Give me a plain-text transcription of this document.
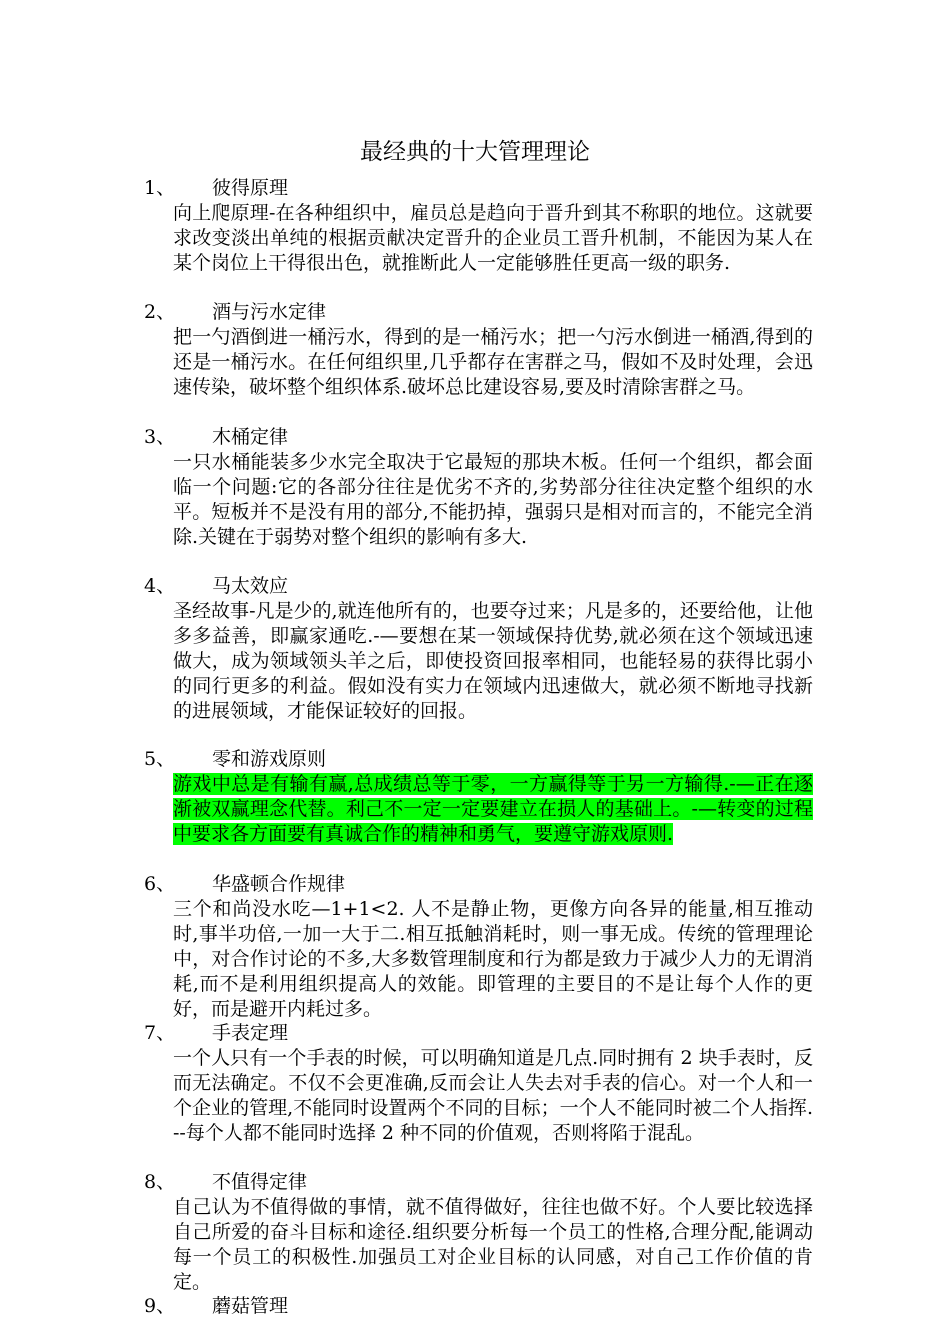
最经典的十大管理理论
1、 彼得原理

向上爬原理-在各种组织中，雇员总是趋向于晋升到其不称职的地位。这就要求改变淡出单纯的根据贡献决定晋升的企业员工晋升机制，不能因为某人在某个岗位上干得很出色，就推断此人一定能够胜任更高一级的职务.

2、 酒与污水定律

把一勺酒倒进一桶污水，得到的是一桶污水；把一勺污水倒进一桶酒,得到的还是一桶污水。在任何组织里,几乎都存在害群之马，假如不及时处理，会迅速传染，破坏整个组织体系.破坏总比建设容易,要及时清除害群之马。

3、 木桶定律

一只水桶能装多少水完全取决于它最短的那块木板。任何一个组织，都会面临一个问题:它的各部分往往是优劣不齐的,劣势部分往往决定整个组织的水平。短板并不是没有用的部分,不能扔掉，强弱只是相对而言的，不能完全消除.关键在于弱势对整个组织的影响有多大.

4、 马太效应

圣经故事-凡是少的,就连他所有的，也要夺过来；凡是多的，还要给他，让他多多益善，即赢家通吃.-—要想在某一领域保持优势,就必须在这个领域迅速做大，成为领域领头羊之后，即使投资回报率相同，也能轻易的获得比弱小的同行更多的利益。假如没有实力在领域内迅速做大，就必须不断地寻找新的进展领域，才能保证较好的回报。

5、 零和游戏原则

游戏中总是有输有赢,总成绩总等于零，一方赢得等于另一方输得.-—正在逐渐被双赢理念代替。利己不一定一定要建立在损人的基础上。-—转变的过程中要求各方面要有真诚合作的精神和勇气，要遵守游戏原则.

6、 华盛顿合作规律

三个和尚没水吃—1+1<2. 人不是静止物，更像方向各异的能量,相互推动时,事半功倍,一加一大于二.相互抵触消耗时，则一事无成。传统的管理理论中，对合作讨论的不多,大多数管理制度和行为都是致力于减少人力的无谓消耗,而不是利用组织提高人的效能。即管理的主要目的不是让每个人作的更好，而是避开内耗过多。

7、 手表定理

一个人只有一个手表的时候，可以明确知道是几点.同时拥有 2 块手表时，反而无法确定。不仅不会更准确,反而会让人失去对手表的信心。对一个人和一个企业的管理,不能同时设置两个不同的目标；一个人不能同时被二个人指挥.--每个人都不能同时选择 2 种不同的价值观，否则将陷于混乱。

8、 不值得定律

自己认为不值得做的事情，就不值得做好，往往也做不好。个人要比较选择自己所爱的奋斗目标和途径.组织要分析每一个员工的性格,合理分配,能调动每一个员工的积极性.加强员工对企业目标的认同感，对自己工作价值的肯定。

9、 蘑菇管理
